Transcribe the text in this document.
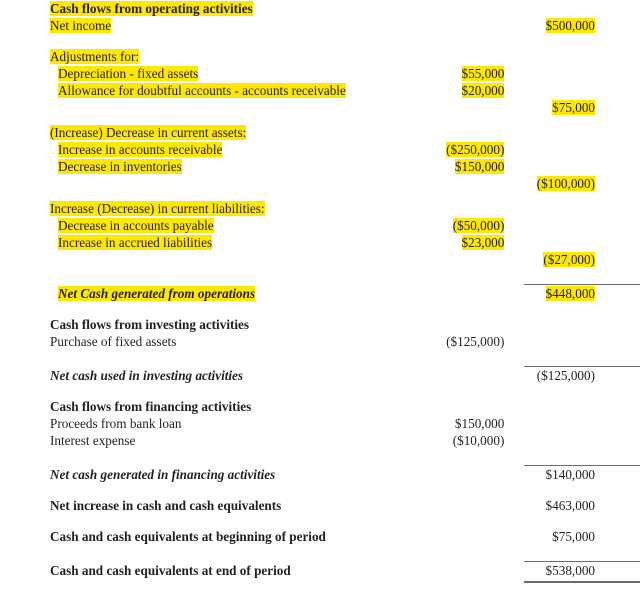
Cash flows from operating activities		
Net income		$500,000

Adjustments for:		
Depreciation - fixed assets	$55,000	
Allowance for doubtful accounts - accounts receivable	$20,000	
		$75,000

(Increase) Decrease in current assets:		
Increase in accounts receivable	($250,000)	
Decrease in inventories	$150,000	
		($100,000)

Increase (Decrease) in current liabilities:		
Decrease in accounts payable	($50,000)	
Increase in accrued liabilities	$23,000	
		($27,000)

Net Cash generated from operations		$448,000

Cash flows from investing activities		
Purchase of fixed assets	($125,000)	

Net cash used in investing activities		($125,000)

Cash flows from financing activities		
Proceeds from bank loan	$150,000	
Interest expense	($10,000)	

Net cash generated in financing activities		$140,000

Net increase in cash and cash equivalents		$463,000

Cash and cash equivalents at beginning of period		$75,000

Cash and cash equivalents at end of period		$538,000
